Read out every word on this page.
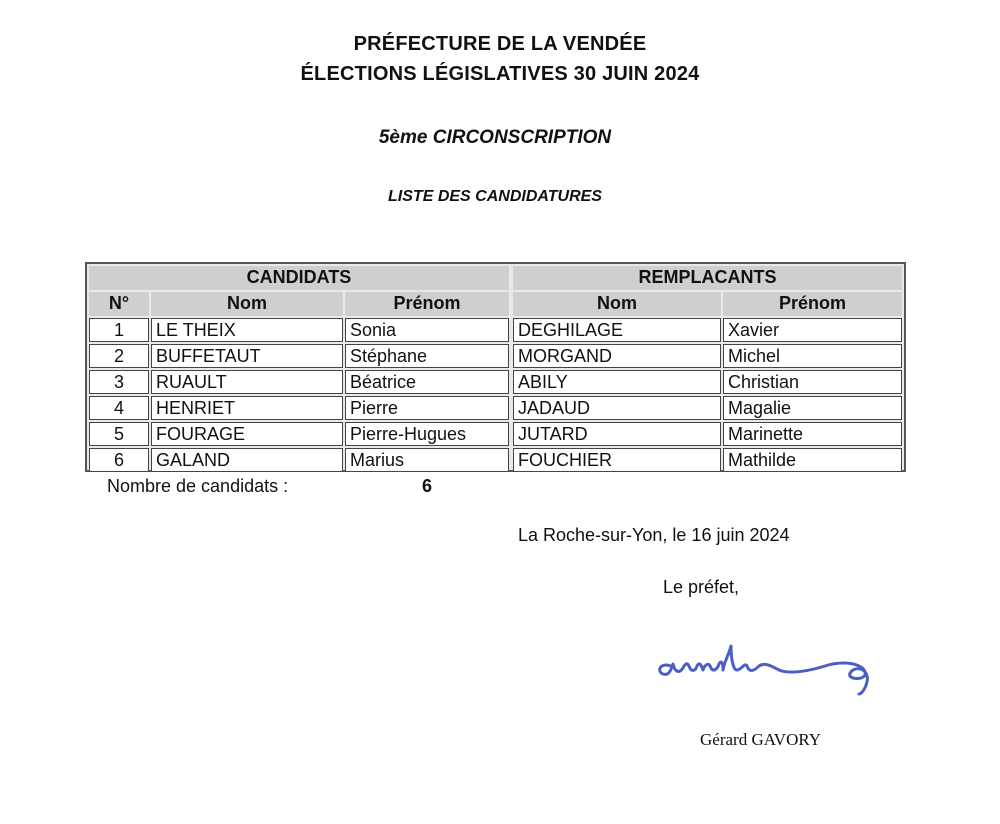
PRÉFECTURE DE LA VENDÉE
ÉLECTIONS LÉGISLATIVES 30 JUIN 2024
5ème CIRCONSCRIPTION
LISTE DES CANDIDATURES
CANDIDATS	REMPLACANTS
N°	Nom	Prénom	Nom	Prénom
1	LE THEIX	Sonia	DEGHILAGE	Xavier
2	BUFFETAUT	Stéphane	MORGAND	Michel
3	RUAULT	Béatrice	ABILY	Christian
4	HENRIET	Pierre	JADAUD	Magalie
5	FOURAGE	Pierre-Hugues	JUTARD	Marinette
6	GALAND	Marius	FOUCHIER	Mathilde
Nombre de candidats :	6
La Roche-sur-Yon, le 16 juin 2024
Le préfet,
Gérard GAVORY
